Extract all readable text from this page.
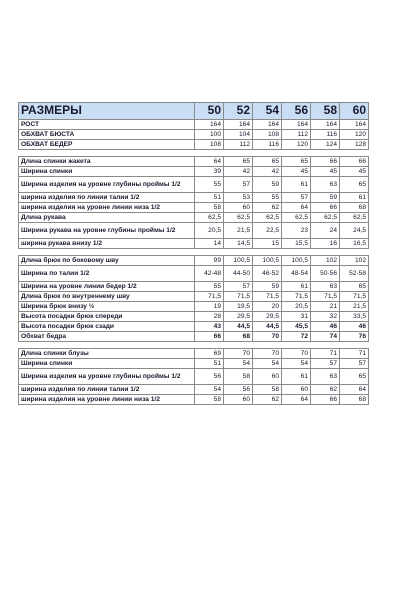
РАЗМЕРЫ	50	52	54	56	58	60
РОСТ	164	164	164	164	164	164
ОБХВАТ БЮСТА	100	104	108	112	116	120
ОБХВАТ БЕДЕР	108	112	116	120	124	128

Длина спинки жакета	64	65	65	65	66	66
Ширина спинки	39	42	42	45	45	45
Ширина изделия на уровне глубины проймы 1/2	55	57	59	61	63	65
ширина изделия по линии талии 1/2	51	53	55	57	59	61
ширина изделия на уровне линии низа 1/2	58	60	62	64	66	68
Длина рукава	62,5	62,5	62,5	62,5	62,5	62,5
Ширина рукава на уровне глубины проймы 1/2	20,5	21,5	22,5	23	24	24,5
ширина рукава внизу 1/2	14	14,5	15	15,5	16	16,5

Длина брюк по боковому шву	99	100,5	100,5	100,5	102	102
Ширина по талии 1/2	42-48	44-50	46-52	48-54	50-56	52-58
Ширина на уровне линии бедер 1/2	55	57	59	61	63	65
Длина брюк по внутреннему шву	71,5	71,5	71,5	71,5	71,5	71,5
Ширина брюк внизу ½	19	19,5	20	20,5	21	21,5
Высота посадки брюк спереди	28	29,5	29,5	31	32	33,5
Высота посадки брюк сзади	43	44,5	44,5	45,5	46	46
Обхват бедра	66	68	70	72	74	76

Длина спинки блузы	69	70	70	70	71	71
Ширина спинки	51	54	54	54	57	57
Ширина изделия на уровне глубины проймы 1/2	56	58	60	61	63	65
ширина изделия по линии талии 1/2	54	56	58	60	62	64
ширина изделия на уровне линии низа 1/2	58	60	62	64	66	68
